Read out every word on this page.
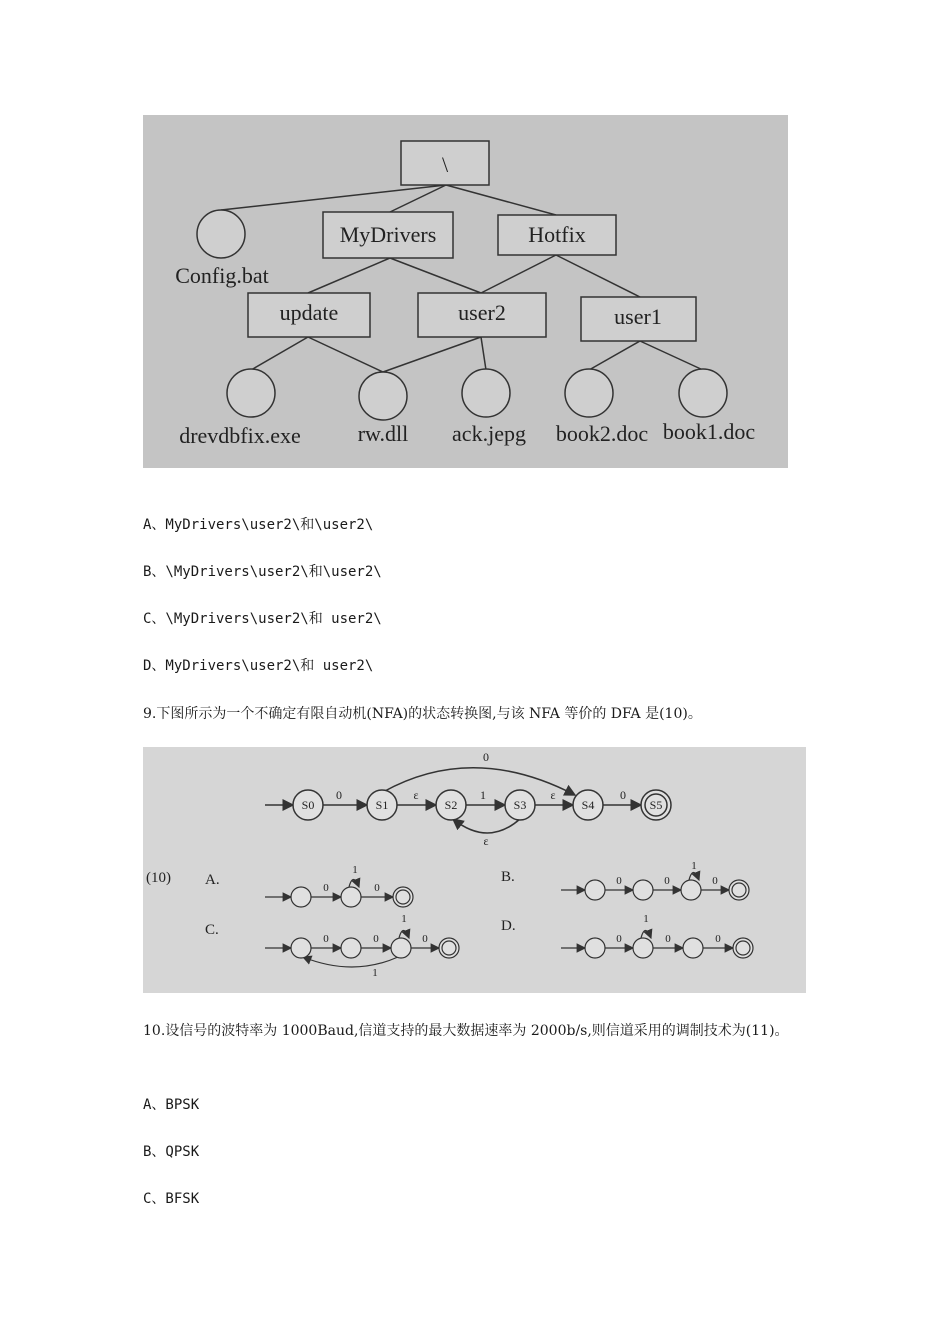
\
Config.bat
MyDrivers	Hotfix
update	user2	user1
drevdbfix.exe	rw.dll ack.jepg book2.doc book1.doc
A、MyDrivers\user2\和\user2\
B、\MyDrivers\user2\和\user2\
C、\MyDrivers\user2\和 user2\
D、MyDrivers\user2\和 user2\
9.下图所示为一个不确定有限自动机(NFA)的状态转换图,与该 NFA 等价的 DFA 是(10)。
S0	S1	S2	S3	S4	S5
0	ε	1	ε	0
0
ε
(10) A.	B.
C.	D.
0
1
0
0	0
1
0
0	0
1
0
1
0
1
0	0
10.设信号的波特率为 1000Baud,信道支持的最大数据速率为 2000b/s,则信道采用的调制技术为(11)。
A、BPSK
B、QPSK
C、BFSK
